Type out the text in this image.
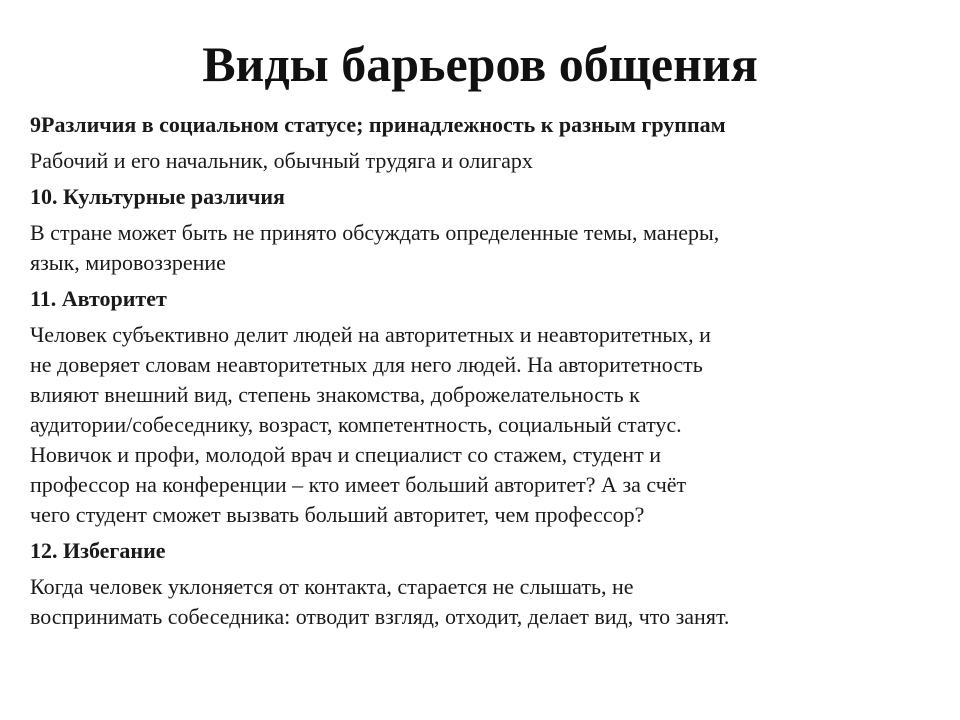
Виды барьеров общения
9Различия в социальном статусе; принадлежность к разным группам
Рабочий и его начальник, обычный трудяга и олигарх
10. Культурные различия
В стране может быть не принято обсуждать определенные темы, манеры,
язык, мировоззрение
11. Авторитет
Человек субъективно делит людей на авторитетных и неавторитетных, и
не доверяет словам неавторитетных для него людей. На авторитетность
влияют внешний вид, степень знакомства, доброжелательность к
аудитории/собеседнику, возраст, компетентность, социальный статус.
Новичок и профи, молодой врач и специалист со стажем, студент и
профессор на конференции – кто имеет больший авторитет? А за счёт
чего студент сможет вызвать больший авторитет, чем профессор?
12. Избегание
Когда человек уклоняется от контакта, старается не слышать, не
воспринимать собеседника: отводит взгляд, отходит, делает вид, что занят.
